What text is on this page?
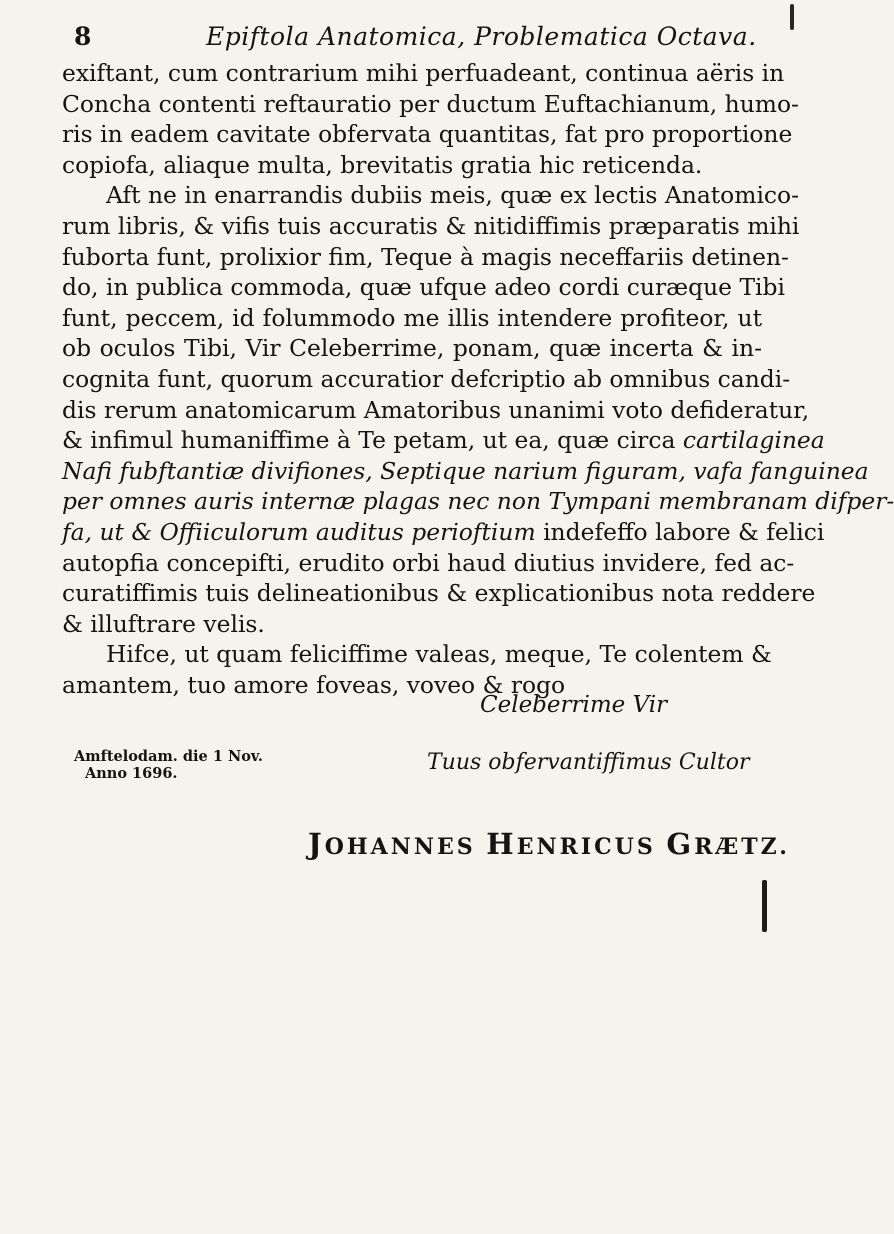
8	Epiftola Anatomica, Problematica Octava.
exiftant, cum contrarium mihi perfuadeant, continua aëris in
Concha contenti reftauratio per ductum Euftachianum, humo-
ris in eadem cavitate obfervata quantitas, fat pro proportione
copiofa, aliaque multa, brevitatis gratia hic reticenda.
Aft ne in enarrandis dubiis meis, quæ ex lectis Anatomico-
rum libris, & vifis tuis accuratis & nitidiffimis præparatis mihi
fuborta funt, prolixior fim, Teque à magis neceffariis detinen-
do, in publica commoda, quæ ufque adeo cordi curæque Tibi
funt, peccem, id folummodo me illis intendere profiteor, ut
ob oculos Tibi, Vir Celeberrime, ponam, quæ incerta & in-
cognita funt, quorum accuratior defcriptio ab omnibus candi-
dis rerum anatomicarum Amatoribus unanimi voto defideratur,
& infimul humaniffime à Te petam, ut ea, quæ circa cartilaginea
Nafi fubftantiæ divifiones, Septique narium figuram, vafa fanguinea
per omnes auris internæ plagas nec non Tympani membranam difper-
fa, ut & Offiiculorum auditus perioftium indefeffo labore & felici
autopfia concepifti, erudito orbi haud diutius invidere, fed ac-
curatiffimis tuis delineationibus & explicationibus nota reddere
& illuftrare velis.
Hifce, ut quam feliciffime valeas, meque, Te colentem &
amantem, tuo amore foveas, voveo & rogo
Celeberrime Vir
Amftelodam. die 1 Nov.
Anno 1696.	Tuus obfervantiffimus Cultor
JOHANNES HENRICUS GRÆTZ.
